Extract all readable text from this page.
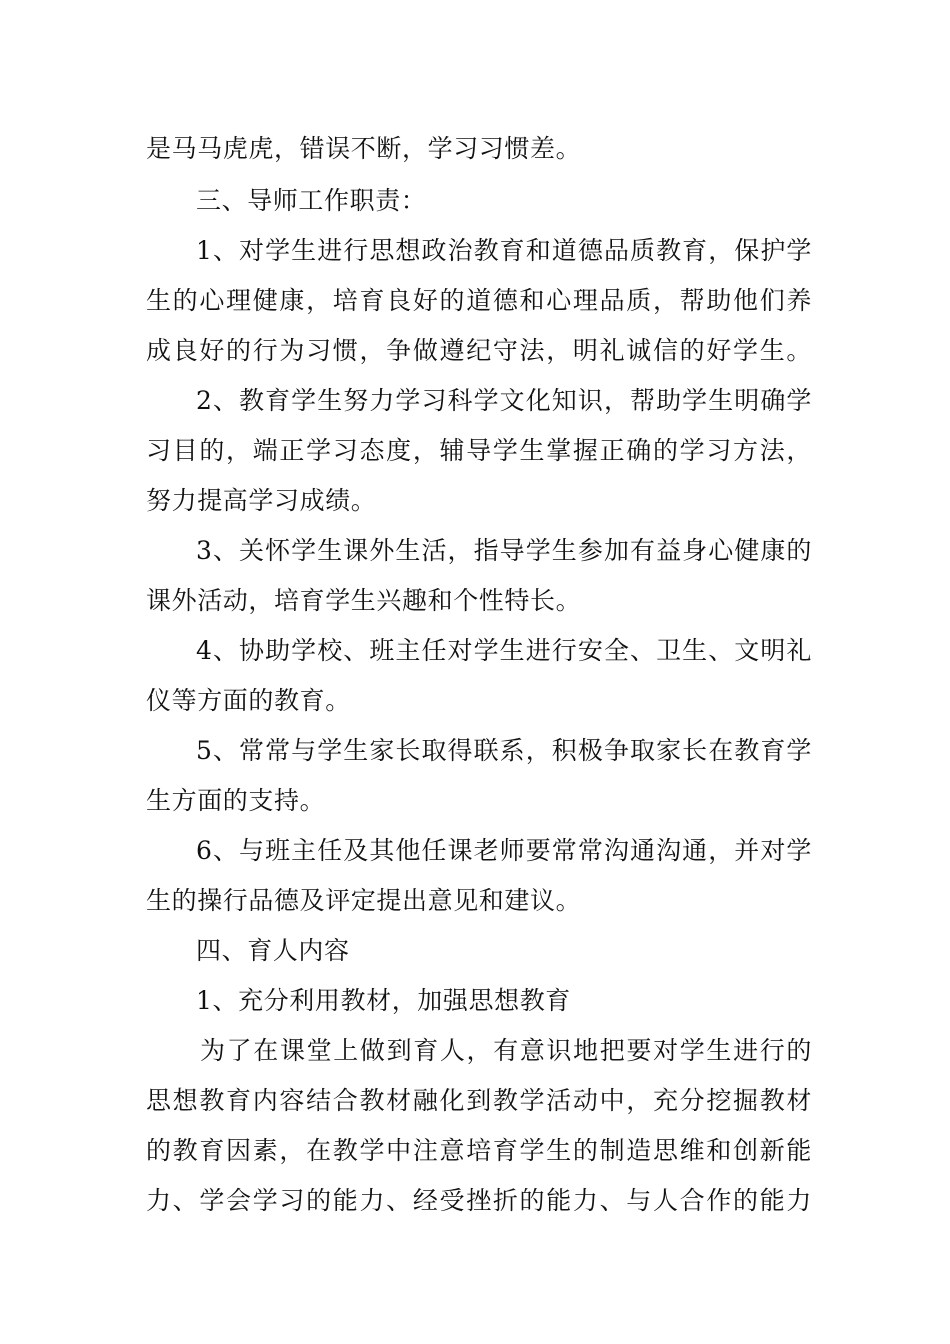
是马马虎虎，错误不断，学习习惯差。
三、导师工作职责：
1、对学生进行思想政治教育和道德品质教育，保护学
生的心理健康，培育良好的道德和心理品质，帮助他们养
成良好的行为习惯，争做遵纪守法，明礼诚信的好学生。
2、教育学生努力学习科学文化知识，帮助学生明确学
习目的，端正学习态度，辅导学生掌握正确的学习方法，
努力提高学习成绩。
3、关怀学生课外生活，指导学生参加有益身心健康的
课外活动，培育学生兴趣和个性特长。
4、协助学校、班主任对学生进行安全、卫生、文明礼
仪等方面的教育。
5、常常与学生家长取得联系，积极争取家长在教育学
生方面的支持。
6、与班主任及其他任课老师要常常沟通沟通，并对学
生的操行品德及评定提出意见和建议。
四、育人内容
1、充分利用教材，加强思想教育
为了在课堂上做到育人，有意识地把要对学生进行的
思想教育内容结合教材融化到教学活动中，充分挖掘教材
的教育因素，在教学中注意培育学生的制造思维和创新能
力、学会学习的能力、经受挫折的能力、与人合作的能力
